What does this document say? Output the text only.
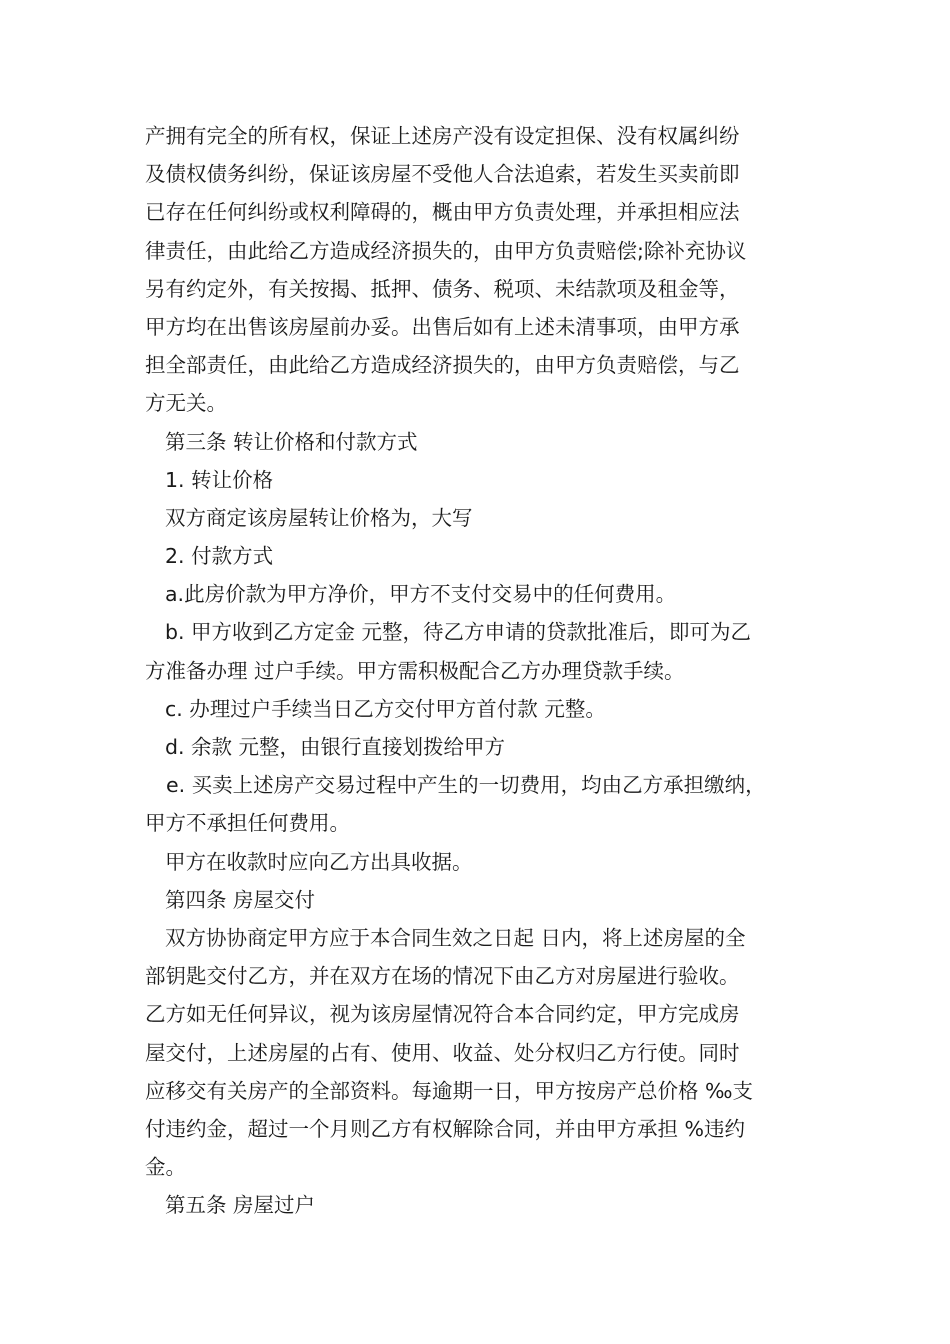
产拥有完全的所有权，保证上述房产没有设定担保、没有权属纠纷
及债权债务纠纷，保证该房屋不受他人合法追索，若发生买卖前即
已存在任何纠纷或权利障碍的，概由甲方负责处理，并承担相应法
律责任，由此给乙方造成经济损失的，由甲方负责赔偿;除补充协议
另有约定外，有关按揭、抵押、债务、税项、未结款项及租金等，
甲方均在出售该房屋前办妥。出售后如有上述未清事项，由甲方承
担全部责任，由此给乙方造成经济损失的，由甲方负责赔偿，与乙
方无关。
第三条 转让价格和付款方式
1. 转让价格
双方商定该房屋转让价格为，大写
2. 付款方式
a.此房价款为甲方净价，甲方不支付交易中的任何费用。
b. 甲方收到乙方定金 元整，待乙方申请的贷款批准后，即可为乙
方准备办理 过户手续。甲方需积极配合乙方办理贷款手续。
c. 办理过户手续当日乙方交付甲方首付款 元整。
d. 余款 元整，由银行直接划拨给甲方
e. 买卖上述房产交易过程中产生的一切费用，均由乙方承担缴纳，
甲方不承担任何费用。
甲方在收款时应向乙方出具收据。
第四条 房屋交付
双方协协商定甲方应于本合同生效之日起 日内，将上述房屋的全
部钥匙交付乙方，并在双方在场的情况下由乙方对房屋进行验收。
乙方如无任何异议，视为该房屋情况符合本合同约定，甲方完成房
屋交付，上述房屋的占有、使用、收益、处分权归乙方行使。同时
应移交有关房产的全部资料。每逾期一日，甲方按房产总价格 ‰支
付违约金，超过一个月则乙方有权解除合同，并由甲方承担 %违约
金。
第五条 房屋过户
